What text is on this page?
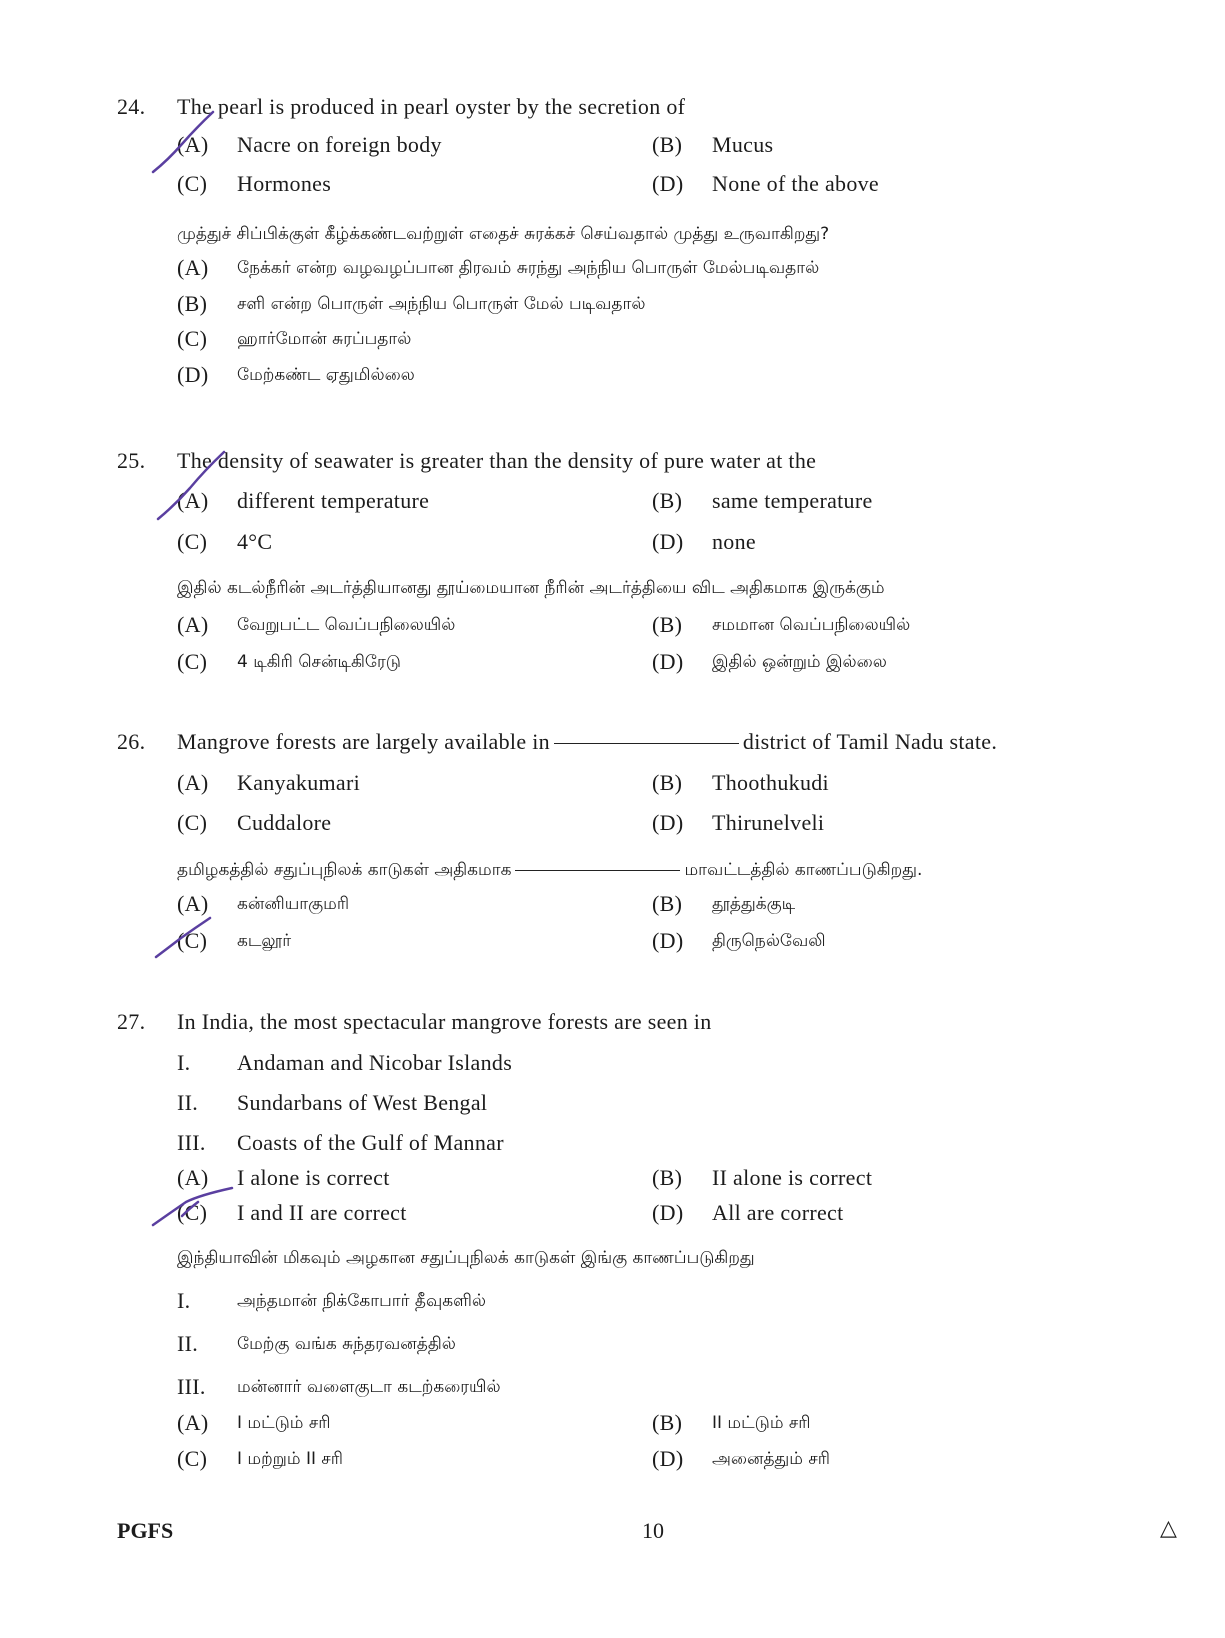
24. The pearl is produced in pearl oyster by the secretion of
(A) Nacre on foreign body	(B) Mucus
(C) Hormones	(D) None of the above
முத்துச் சிப்பிக்குள் கீழ்க்கண்டவற்றுள் எதைச் சுரக்கச் செய்வதால் முத்து உருவாகிறது?
(A) நேக்கர் என்ற வழவழப்பான திரவம் சுரந்து அந்நிய பொருள் மேல்படிவதால்
(B) சளி என்ற பொருள் அந்நிய பொருள் மேல் படிவதால்
(C) ஹார்மோன் சுரப்பதால்
(D) மேற்கண்ட ஏதுமில்லை
25. The density of seawater is greater than the density of pure water at the
(A) different temperature	(B) same temperature
(C) 4°C	(D) none
இதில் கடல்நீரின் அடர்த்தியானது தூய்மையான நீரின் அடர்த்தியை விட அதிகமாக இருக்கும்
(A) வேறுபட்ட வெப்பநிலையில்	(B) சமமான வெப்பநிலையில்
(C) 4 டிகிரி சென்டிகிரேடு	(D) இதில் ஒன்றும் இல்லை
26. Mangrove forests are largely available in	district of Tamil Nadu state.
(A) Kanyakumari	(B) Thoothukudi
(C) Cuddalore	(D) Thirunelveli
தமிழகத்தில் சதுப்புநிலக் காடுகள் அதிகமாக	மாவட்டத்தில் காணப்படுகிறது.
(A) கன்னியாகுமரி	(B) தூத்துக்குடி
(C) கடலூர்	(D) திருநெல்வேலி
27. In India, the most spectacular mangrove forests are seen in
I. Andaman and Nicobar Islands
II. Sundarbans of West Bengal
III. Coasts of the Gulf of Mannar
(A) I alone is correct	(B) II alone is correct
(C) I and II are correct	(D) All are correct
இந்தியாவின் மிகவும் அழகான சதுப்புநிலக் காடுகள் இங்கு காணப்படுகிறது
I.	அந்தமான் நிக்கோபார் தீவுகளில்
II. மேற்கு வங்க சுந்தரவனத்தில்
III. மன்னார் வளைகுடா கடற்கரையில்
(A) I மட்டும் சரி	(B) II மட்டும் சரி
(C) I மற்றும் II சரி	(D) அனைத்தும் சரி
PGFS	10	△
